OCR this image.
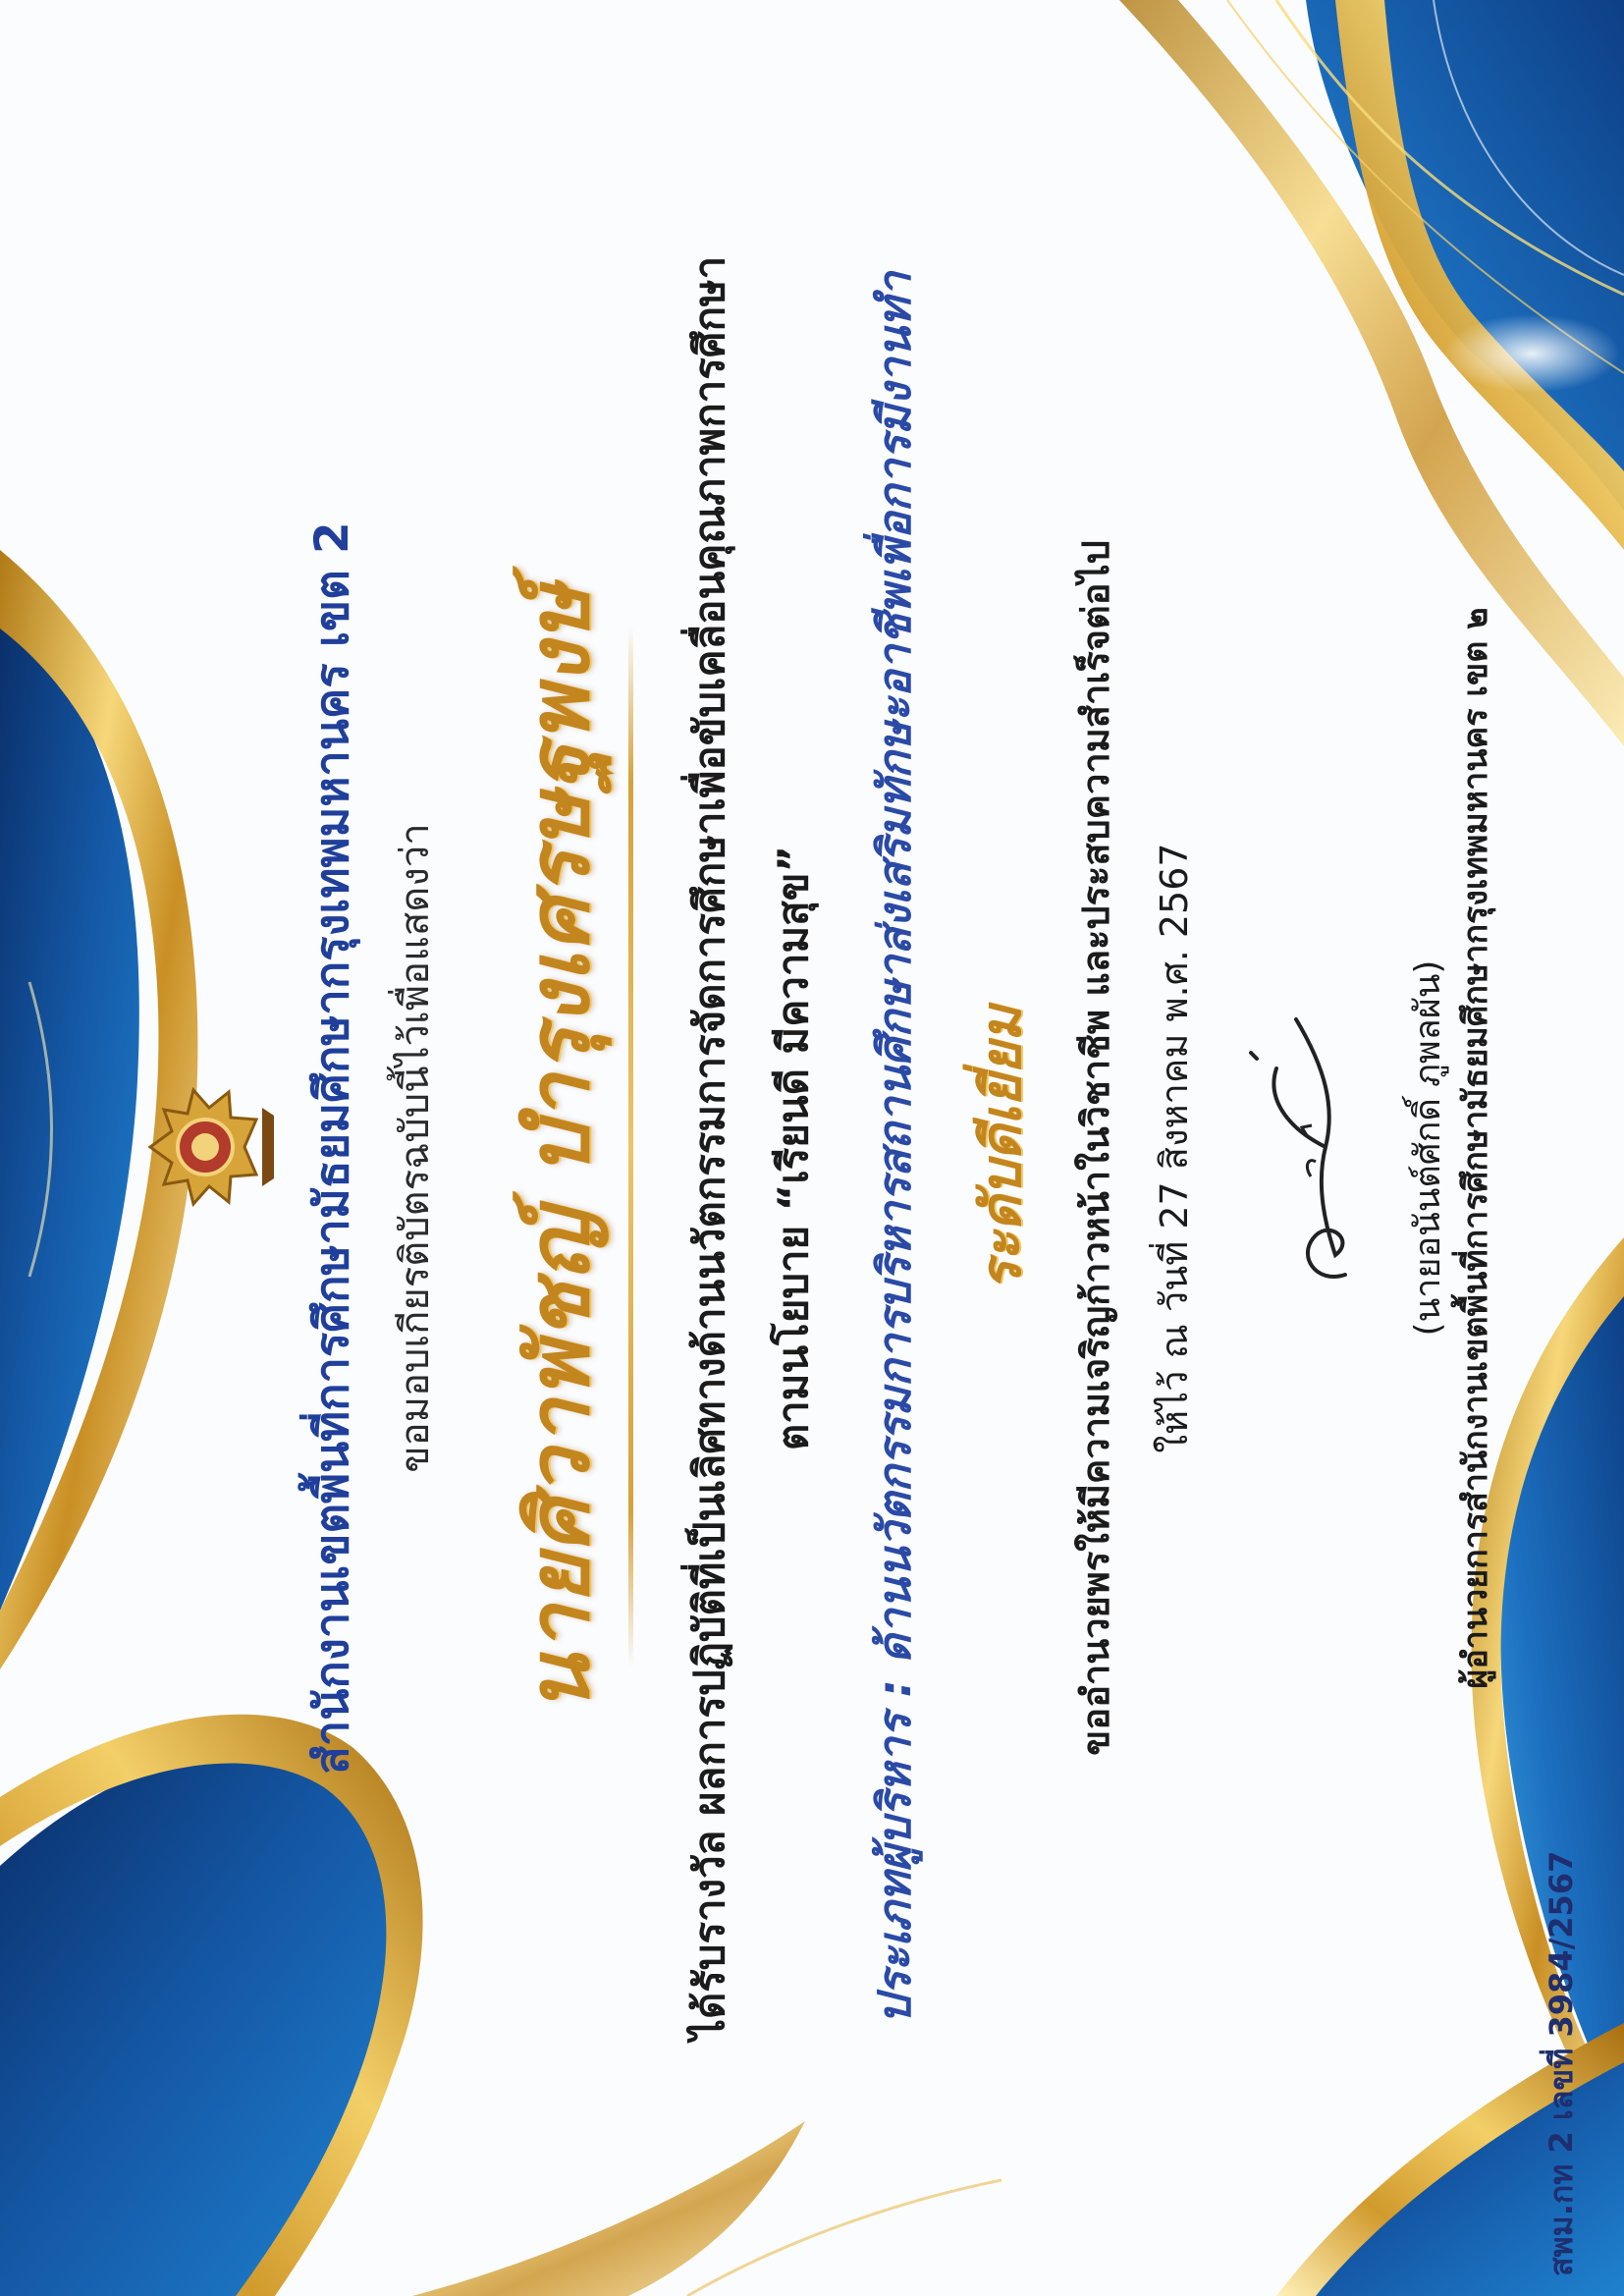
สำนักงานเขตพื้นที่การศึกษามัธยมศึกษากรุงเทพมหานคร เขต 2 ขอมอบเกียรติบัตรฉบับนี้ไว้เพื่อแสดงว่า นายศิวาพัชญ์ บำรุงเศรษฐพงษ์	ได้รับรางวัล ผลการปฏิบัติที่เป็นเลิศทางด้านนวัตกรรมการจัดการศึกษาเพื่อขับเคลื่อนคุณภาพการศึกษา ตามนโยบาย “เรียนดี มีความสุข” ประเภทผู้บริหาร : ด้านนวัตกรรมการบริหารสถานศึกษาส่งเสริมทักษะอาชีพเพื่อการมีงานทำ ระดับดีเยี่ยม ขออำนวยพรให้มีความเจริญก้าวหน้าในวิชาชีพ และประสบความสำเร็จต่อไป ให้ไว้ ณ วันที่ 27 สิงหาคม พ.ศ. 2567	(นายอนันต์ศักดิ์ ภูพลผัน) ผู้อำนวยการสำนักงานเขตพื้นที่การศึกษามัธยมศึกษากรุงเทพมหานคร เขต ๒
สพม.กท 2 เลขที่ 3984/2567
